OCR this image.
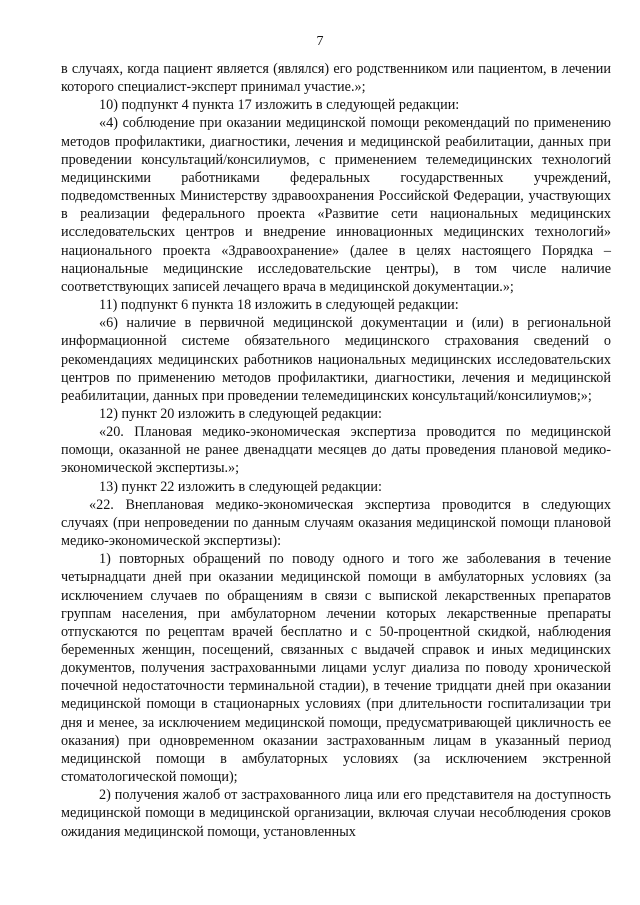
7

в случаях, когда пациент является (являлся) его родственником или пациентом, в лечении которого специалист-эксперт принимал участие.»;

10) подпункт 4 пункта 17 изложить в следующей редакции:

«4) соблюдение при оказании медицинской помощи рекомендаций по применению методов профилактики, диагностики, лечения и медицинской реабилитации, данных при проведении консультаций/консилиумов, с применением телемедицинских технологий медицинскими работниками федеральных государственных учреждений, подведомственных Министерству здравоохранения Российской Федерации, участвующих в реализации федерального проекта «Развитие сети национальных медицинских исследовательских центров и внедрение инновационных медицинских технологий» национального проекта «Здравоохранение» (далее в целях настоящего Порядка – национальные медицинские исследовательские центры), в том числе наличие соответствующих записей лечащего врача в медицинской документации.»;

11) подпункт 6 пункта 18 изложить в следующей редакции:

«6) наличие в первичной медицинской документации и (или) в региональной информационной системе обязательного медицинского страхования сведений о рекомендациях медицинских работников национальных медицинских исследовательских центров по применению методов профилактики, диагностики, лечения и медицинской реабилитации, данных при проведении телемедицинских консультаций/консилиумов;»;

12) пункт 20 изложить в следующей редакции:

«20. Плановая медико-экономическая экспертиза проводится по медицинской помощи, оказанной не ранее двенадцати месяцев до даты проведения плановой медико-экономической экспертизы.»;

13) пункт 22 изложить в следующей редакции:

«22. Внеплановая медико-экономическая экспертиза проводится в следующих случаях (при непроведении по данным случаям оказания медицинской помощи плановой медико-экономической экспертизы):

1) повторных обращений по поводу одного и того же заболевания в течение четырнадцати дней при оказании медицинской помощи в амбулаторных условиях (за исключением случаев по обращениям в связи с выпиской лекарственных препаратов группам населения, при амбулаторном лечении которых лекарственные препараты отпускаются по рецептам врачей бесплатно и с 50-процентной скидкой, наблюдения беременных женщин, посещений, связанных с выдачей справок и иных медицинских документов, получения застрахованными лицами услуг диализа по поводу хронической почечной недостаточности терминальной стадии), в течение тридцати дней при оказании медицинской помощи в стационарных условиях (при длительности госпитализации три дня и менее, за исключением медицинской помощи, предусматривающей цикличность ее оказания) при одновременном оказании застрахованным лицам в указанный период медицинской помощи в амбулаторных условиях (за исключением экстренной стоматологической помощи);

2) получения жалоб от застрахованного лица или его представителя на доступность медицинской помощи в медицинской организации, включая случаи несоблюдения сроков ожидания медицинской помощи, установленных
